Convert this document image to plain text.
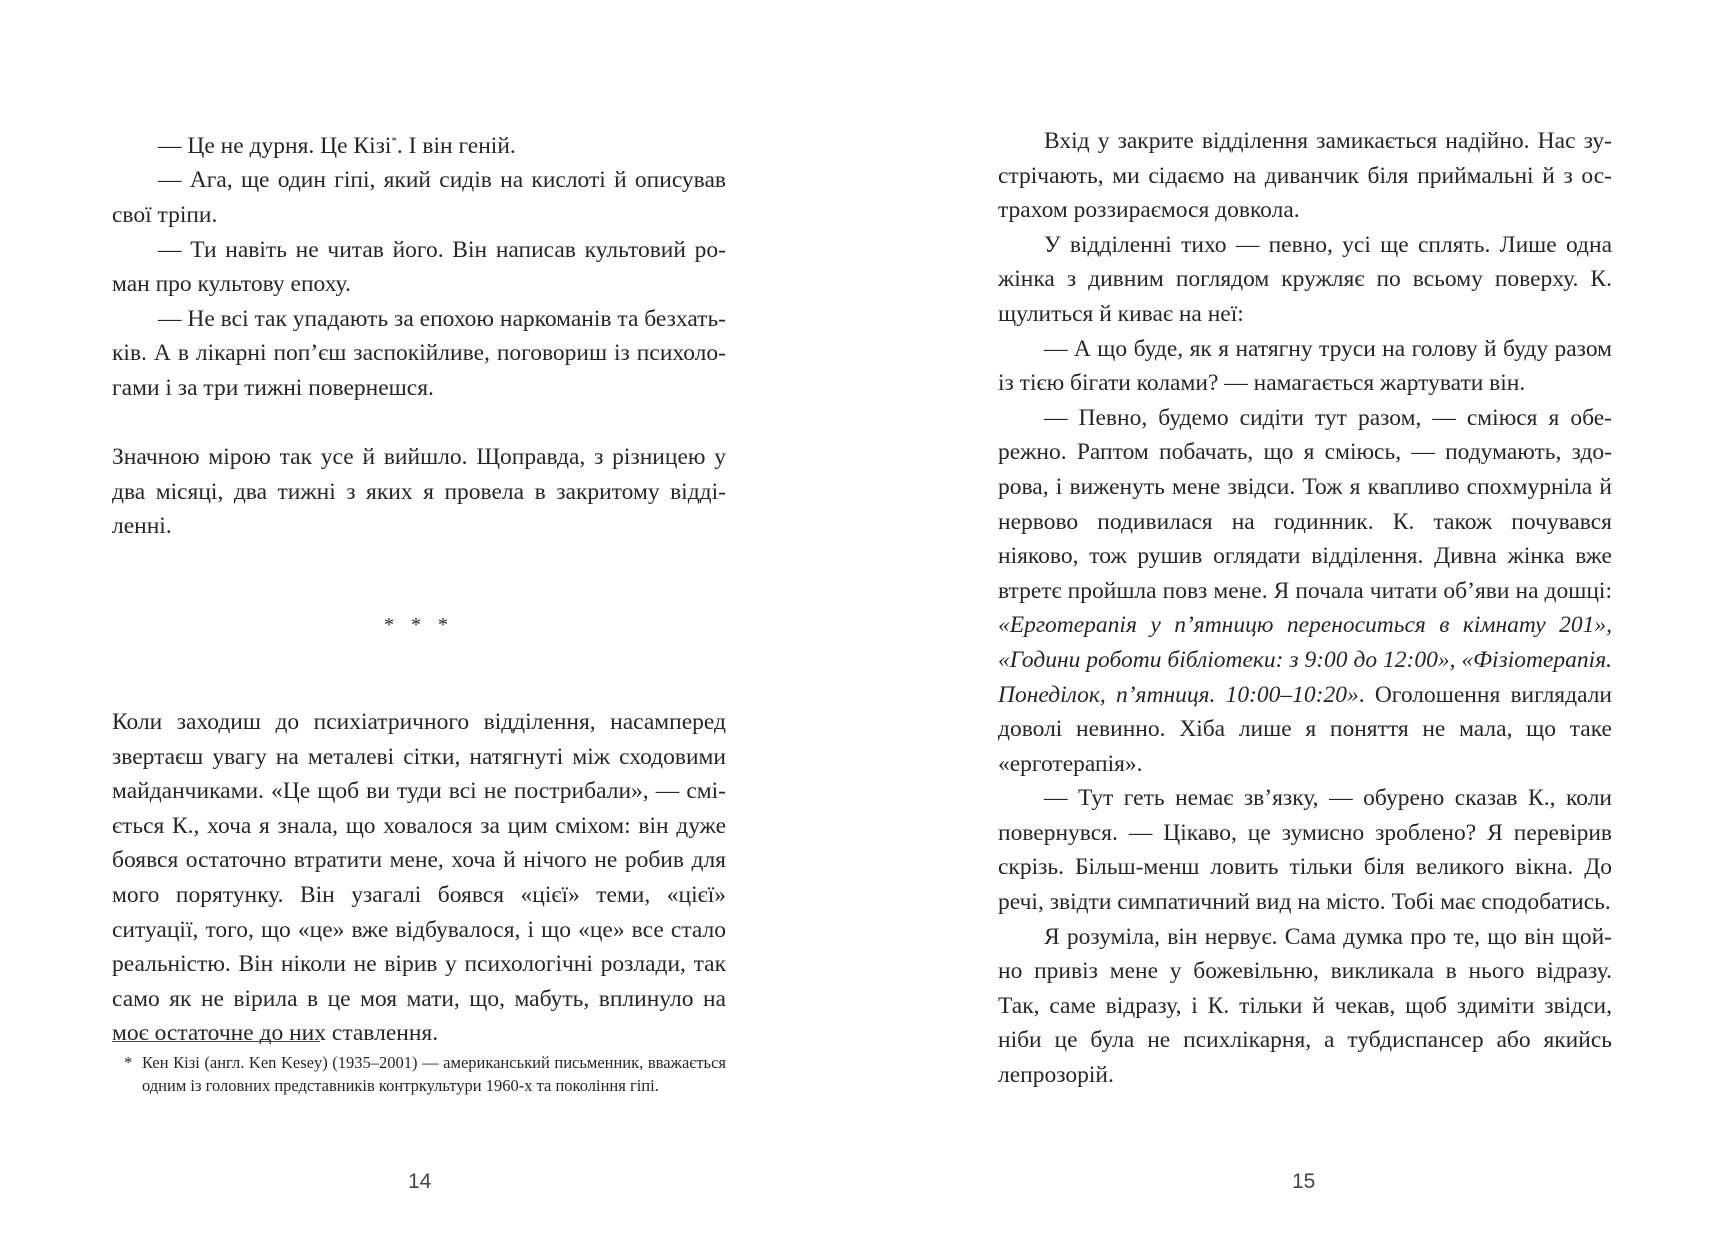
— Це не дурня. Це Кізі*. І він геній.

— Ага, ще один гіпі, який сидів на кислоті й описував свої тріпи.

— Ти навіть не читав його. Він написав культовий роман про культову епоху.

— Не всі так упадають за епохою наркоманів та безхатьків. А в лікарні поп’єш заспокійливе, поговориш із психологами і за три тижні повернешся.

Значною мірою так усе й вийшло. Щоправда, з різницею у два місяці, два тижні з яких я провела в закритому відділенні.

* * *

Коли заходиш до психіатричного відділення, насамперед звертаєш увагу на металеві сітки, натягнуті між сходовими майданчиками. «Це щоб ви туди всі не пострибали», — сміється К., хоча я знала, що ховалося за цим сміхом: він дуже боявся остаточно втратити мене, хоча й нічого не робив для мого порятунку. Він узагалі боявся «цієї» теми, «цієї» ситуації, того, що «це» вже відбувалося, і що «це» все стало реальністю. Він ніколи не вірив у психологічні розлади, так само як не вірила в це моя мати, що, мабуть, вплинуло на моє остаточне до них ставлення.

* Кен Кізі (англ. Ken Kesey) (1935–2001) — американський письменник, вважається одним із головних представників контркультури 1960-х та покоління гіпі.
14

Вхід у закрите відділення замикається надійно. Нас зустрічають, ми сідаємо на диванчик біля приймальні й з острахом роззираємося довкола.

У відділенні тихо — певно, усі ще сплять. Лише одна жінка з дивним поглядом кружляє по всьому поверху. К. щулиться й киває на неї:

— А що буде, як я натягну труси на голову й буду разом із тією бігати колами? — намагається жартувати він.

— Певно, будемо сидіти тут разом, — сміюся я обережно. Раптом побачать, що я сміюсь, — подумають, здорова, і виженуть мене звідси. Тож я квапливо спохмурніла й нервово подивилася на годинник. К. також почувався ніяково, тож рушив оглядати відділення. Дивна жінка вже втретє пройшла повз мене. Я почала читати об’яви на дошці: «Ерготерапія у п’ятницю переноситься в кімнату 201», «Години роботи бібліотеки: з 9:00 до 12:00», «Фізіотерапія. Понеділок, п’ятниця. 10:00–10:20». Оголошення виглядали доволі невинно. Хіба лише я поняття не мала, що таке «ерготерапія».

— Тут геть немає зв’язку, — обурено сказав К., коли повернувся. — Цікаво, це зумисно зроблено? Я перевірив скрізь. Більш-менш ловить тільки біля великого вікна. До речі, звідти симпатичний вид на місто. Тобі має сподобатись.

Я розуміла, він нервує. Сама думка про те, що він щойно привіз мене у божевільню, викликала в нього відразу. Так, саме відразу, і К. тільки й чекав, щоб здиміти звідси, ніби це була не психлікарня, а тубдиспансер або якийсь лепрозорій.

15
